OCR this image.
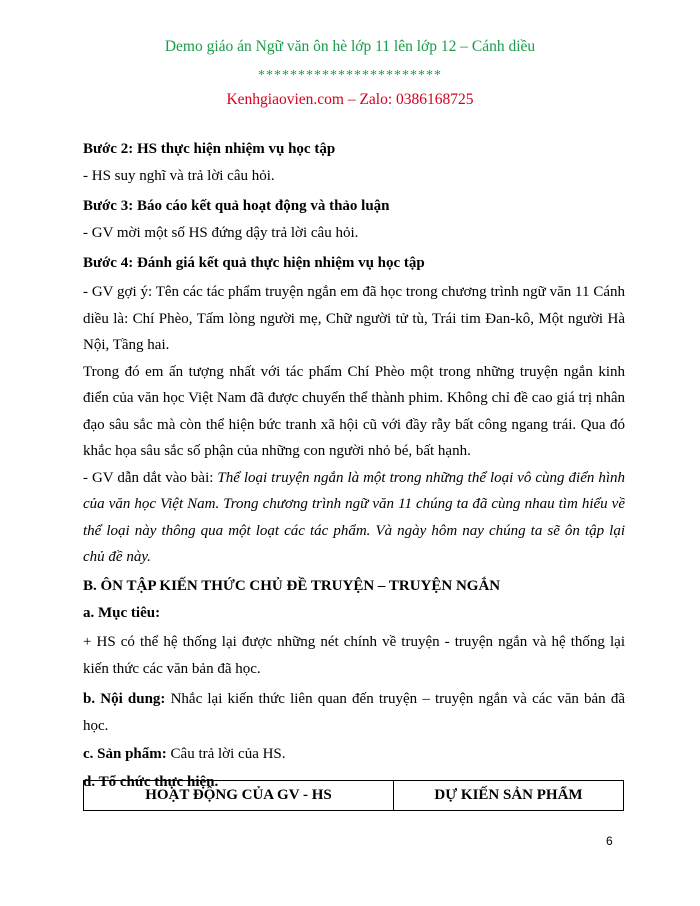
Demo giáo án Ngữ văn ôn hè lớp 11 lên lớp 12 – Cánh diều
***********************
Kenhgiaovien.com – Zalo: 0386168725

Bước 2: HS thực hiện nhiệm vụ học tập

- HS suy nghĩ và trả lời câu hỏi.

Bước 3: Báo cáo kết quả hoạt động và thảo luận

- GV mời một số HS đứng dậy trả lời câu hỏi.

Bước 4: Đánh giá kết quả thực hiện nhiệm vụ học tập

- GV gợi ý: Tên các tác phẩm truyện ngắn em đã học trong chương trình ngữ văn 11 Cánh diều là: Chí Phèo, Tấm lòng người mẹ, Chữ người tử tù, Trái tim Đan-kô, Một người Hà Nội, Tầng hai.

Trong đó em ấn tượng nhất với tác phẩm Chí Phèo một trong những truyện ngắn kinh điển của văn học Việt Nam đã được chuyển thể thành phim. Không chỉ đề cao giá trị nhân đạo sâu sắc mà còn thể hiện bức tranh xã hội cũ với đầy rẫy bất công ngang trái. Qua đó khắc họa sâu sắc số phận của những con người nhỏ bé, bất hạnh.

- GV dẫn dắt vào bài: Thể loại truyện ngắn là một trong những thể loại vô cùng điển hình của văn học Việt Nam. Trong chương trình ngữ văn 11 chúng ta đã cùng nhau tìm hiểu về thể loại này thông qua một loạt các tác phẩm. Và ngày hôm nay chúng ta sẽ ôn tập lại chủ đề này.

B. ÔN TẬP KIẾN THỨC CHỦ ĐỀ TRUYỆN – TRUYỆN NGẮN

a. Mục tiêu:

+ HS có thể hệ thống lại được những nét chính về truyện - truyện ngắn và hệ thống lại kiến thức các văn bản đã học.

b. Nội dung: Nhắc lại kiến thức liên quan đến truyện – truyện ngắn và các văn bản đã học.

c. Sản phẩm: Câu trả lời của HS.

d. Tổ chức thực hiện.

HOẠT ĐỘNG CỦA GV - HS	DỰ KIẾN SẢN PHẨM
6
